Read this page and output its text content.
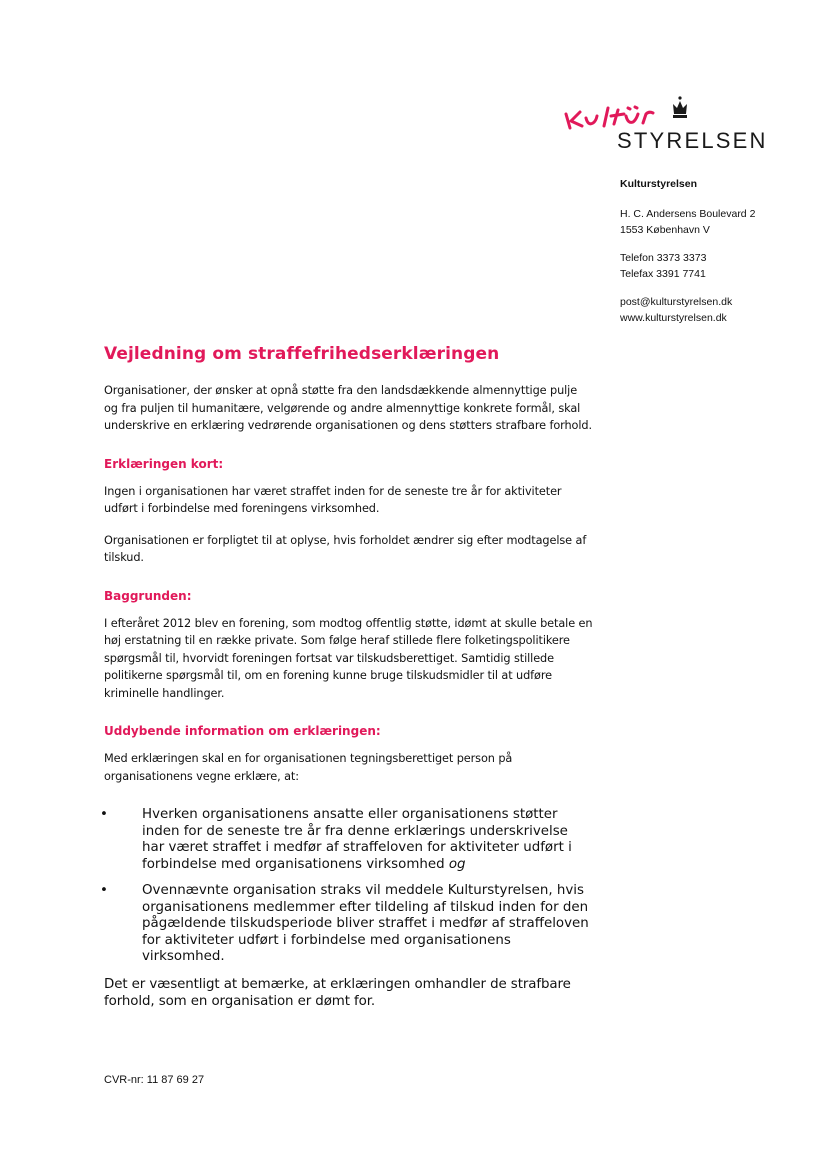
STYRELSEN
Kulturstyrelsen
H. C. Andersens Boulevard 2
1553 København V
Telefon 3373 3373
Telefax 3391 7741
post@kulturstyrelsen.dk
www.kulturstyrelsen.dk
Vejledning om straffefrihedserklæringen

Organisationer, der ønsker at opnå støtte fra den landsdækkende almennyttige pulje og fra puljen til humanitære, velgørende og andre almennyttige konkrete formål, skal underskrive en erklæring vedrørende organisationen og dens støtters strafbare forhold.

Erklæringen kort:

Ingen i organisationen har været straffet inden for de seneste tre år for aktiviteter udført i forbindelse med foreningens virksomhed.

Organisationen er forpligtet til at oplyse, hvis forholdet ændrer sig efter modtagelse af tilskud.

Baggrunden:

I efteråret 2012 blev en forening, som modtog offentlig støtte, idømt at skulle betale en høj erstatning til en række private. Som følge heraf stillede flere folketingspolitikere spørgsmål til, hvorvidt foreningen fortsat var tilskudsberettiget. Samtidig stillede politikerne spørgsmål til, om en forening kunne bruge tilskudsmidler til at udføre kriminelle handlinger.

Uddybende information om erklæringen:

Med erklæringen skal en for organisationen tegningsberettiget person på organisationens vegne erklære, at:

•	Hverken organisationens ansatte eller organisationens støtter inden for de seneste tre år fra denne erklærings underskrivelse har været straffet i medfør af straffeloven for aktiviteter udført i forbindelse med organisationens virksomhed og
•	Ovennævnte organisation straks vil meddele Kulturstyrelsen, hvis organisationens medlemmer efter tildeling af tilskud inden for den pågældende tilskudsperiode bliver straffet i medfør af straffeloven for aktiviteter udført i forbindelse med organisationens virksomhed.

Det er væsentligt at bemærke, at erklæringen omhandler de strafbare forhold, som en organisation er dømt for.

CVR-nr: 11 87 69 27
